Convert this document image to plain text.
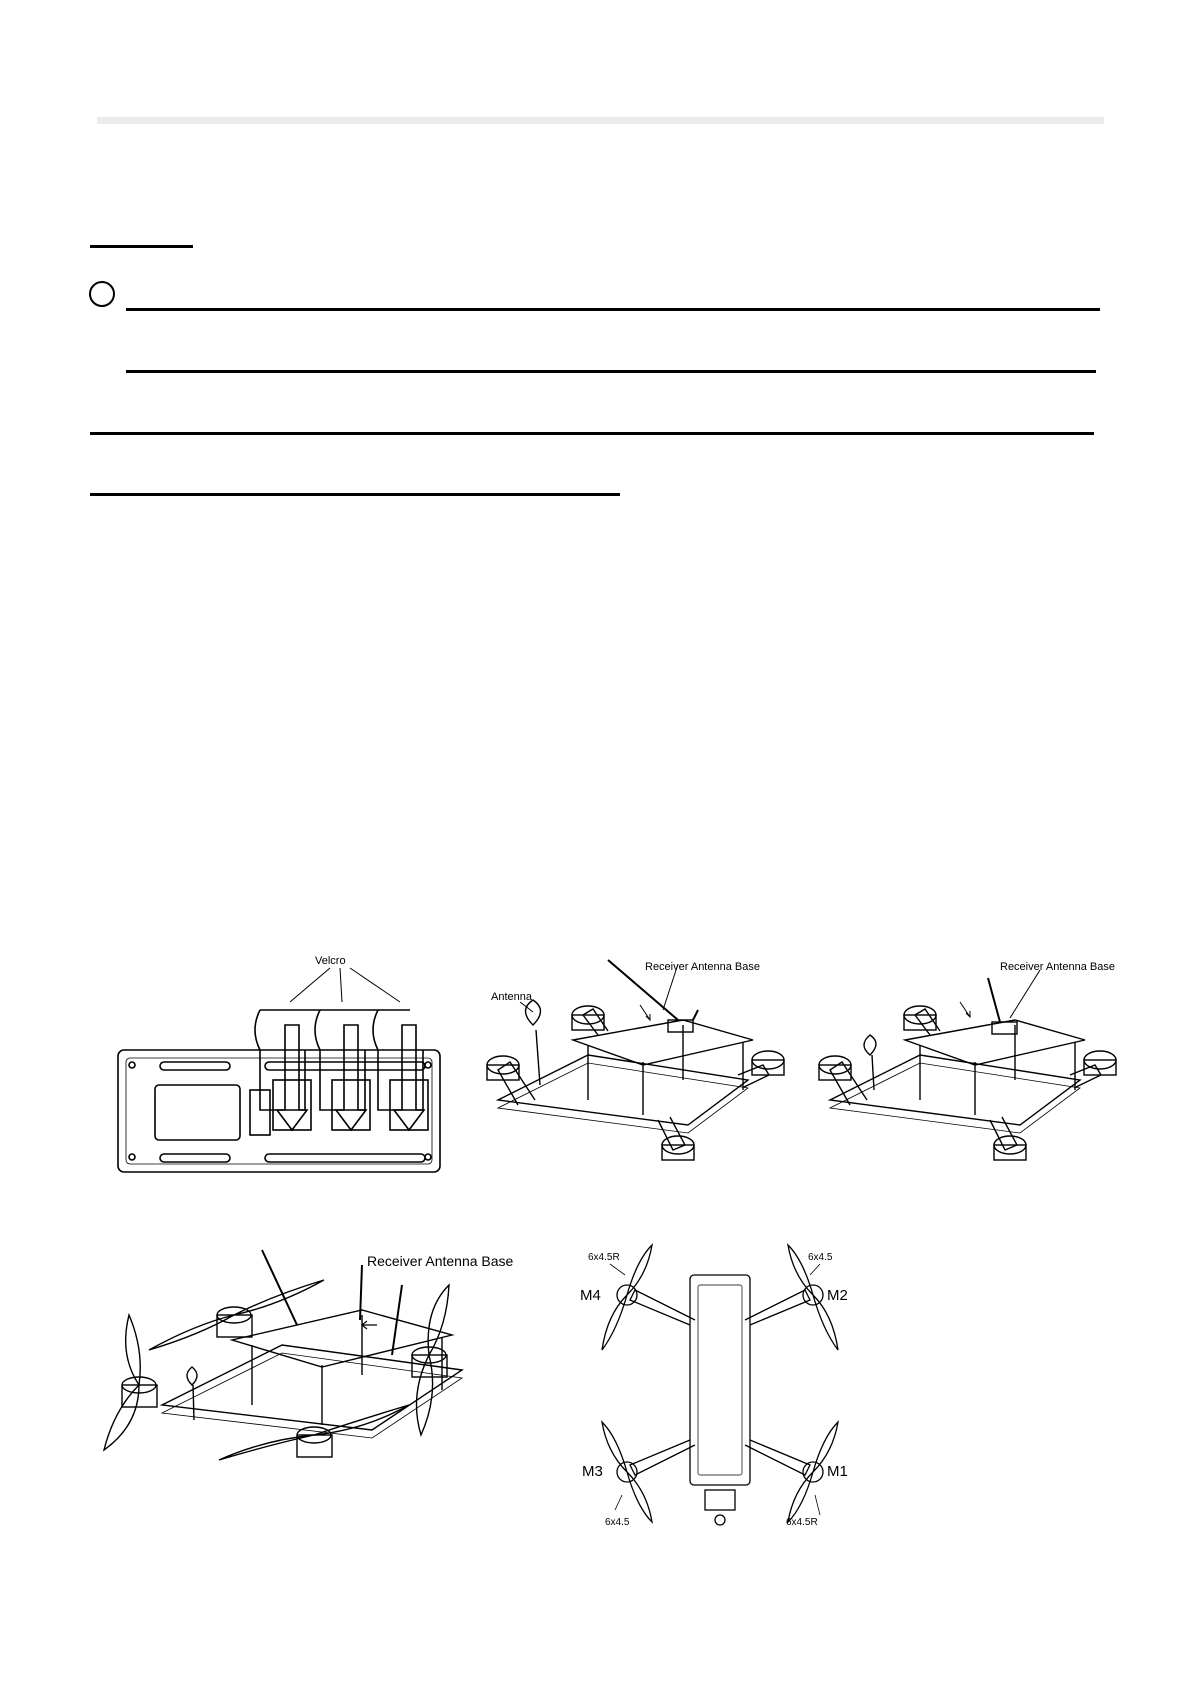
Velcro
Antenna
Receiver Antenna Base	Receiver Antenna Base
Receiver Antenna Base	6x4.5R
M4
6x4.5
M2
M3
6x4.5
M1
6x4.5R
